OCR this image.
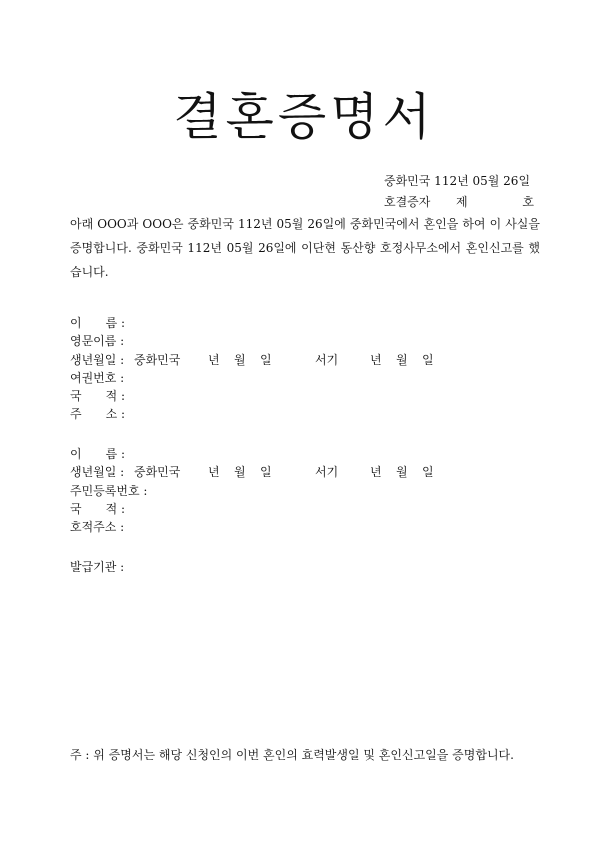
결혼증명서
중화민국 112년 05월 26일
호결증자 제	호
아래 OOO과 OOO은 중화민국 112년 05월 26일에 중화민국에서 혼인을 하여 이 사실을 증명합니다. 중화민국 112년 05월 26일에 이단현 동산향 호정사무소에서 혼인신고를 했습니다.
이　　름 :
영문이름 :
생년월일 : 중화민국 년 월 일	서기	년 월 일
여권번호 :
국　　적 :
주　　소 :
이　　름 :
생년월일 : 중화민국 년 월 일	서기	년 월 일
주민등록번호 :
국　　적 :
호적주소 :
발급기관 :
주 : 위 증명서는 해당 신청인의 이번 혼인의 효력발생일 및 혼인신고일을 증명합니다.
